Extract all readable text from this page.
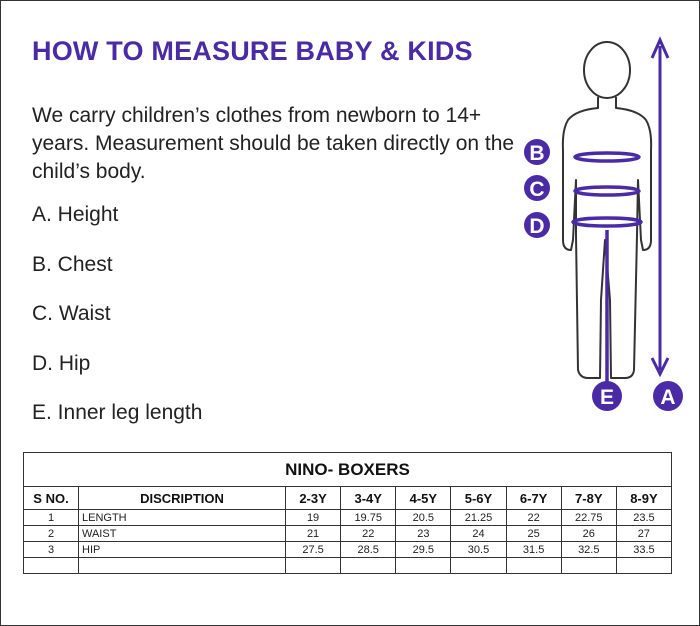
HOW TO MEASURE BABY & KIDS
We carry children’s clothes from newborn to 14+ years. Measurement should be taken directly on the child’s body.
A. Height
B. Chest
C. Waist
D. Hip
E. Inner leg length
B
C
D
E A
NINO- BOXERS
S NO.	DISCRIPTION	2-3Y	3-4Y	4-5Y	5-6Y	6-7Y	7-8Y	8-9Y
1	LENGTH	19	19.75	20.5	21.25	22	22.75	23.5
2	WAIST	21	22	23	24	25	26	27
3	HIP	27.5	28.5	29.5	30.5	31.5	32.5	33.5
